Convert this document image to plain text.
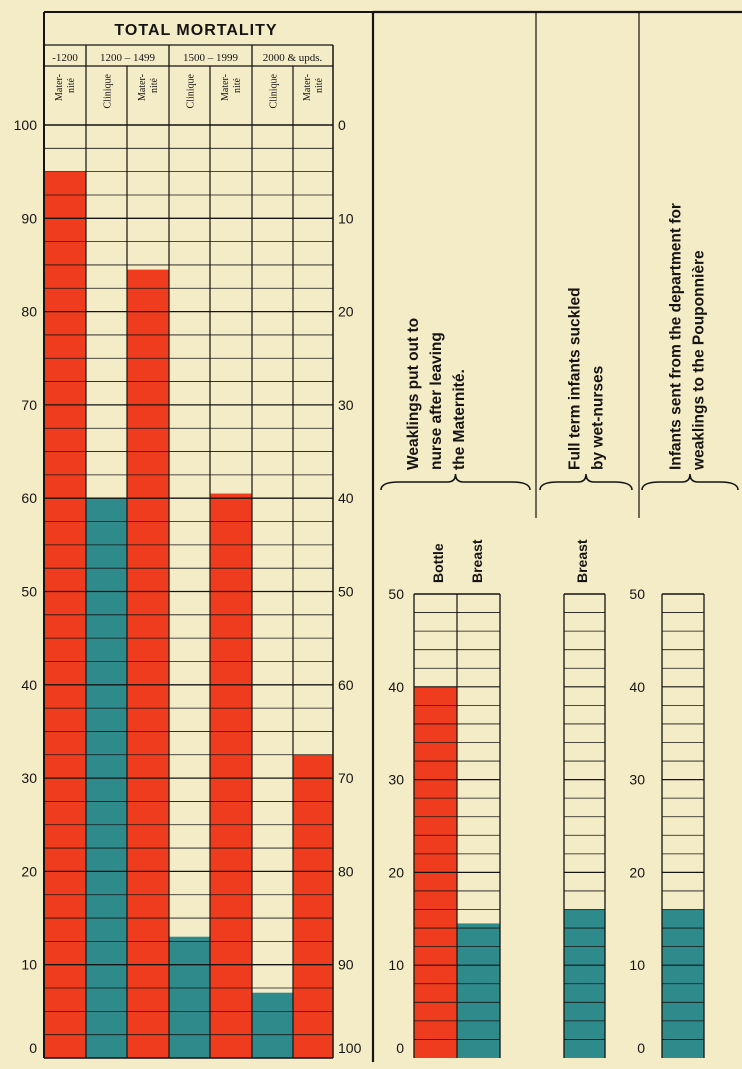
TOTAL MORTALITY
-1200 1200 – 1499	1500 – 1999 2000 & upds.
Mater- nité	Clinique Mater- nité	Clinique Mater- nité	Clinique Mater- nité
0
10
20
30
40
50
60
70
80
90
100	0
10
20
30
40
50
60
70
80
90
100
Weaklings put out to nurse after leaving the Maternité.
Bottle Breast
0
10
20
30
40
50
Full term infants suckled by wet-nurses
Breast
Infants sent from the department for weaklings to the Pouponnière
0
10
20
30
40
50
